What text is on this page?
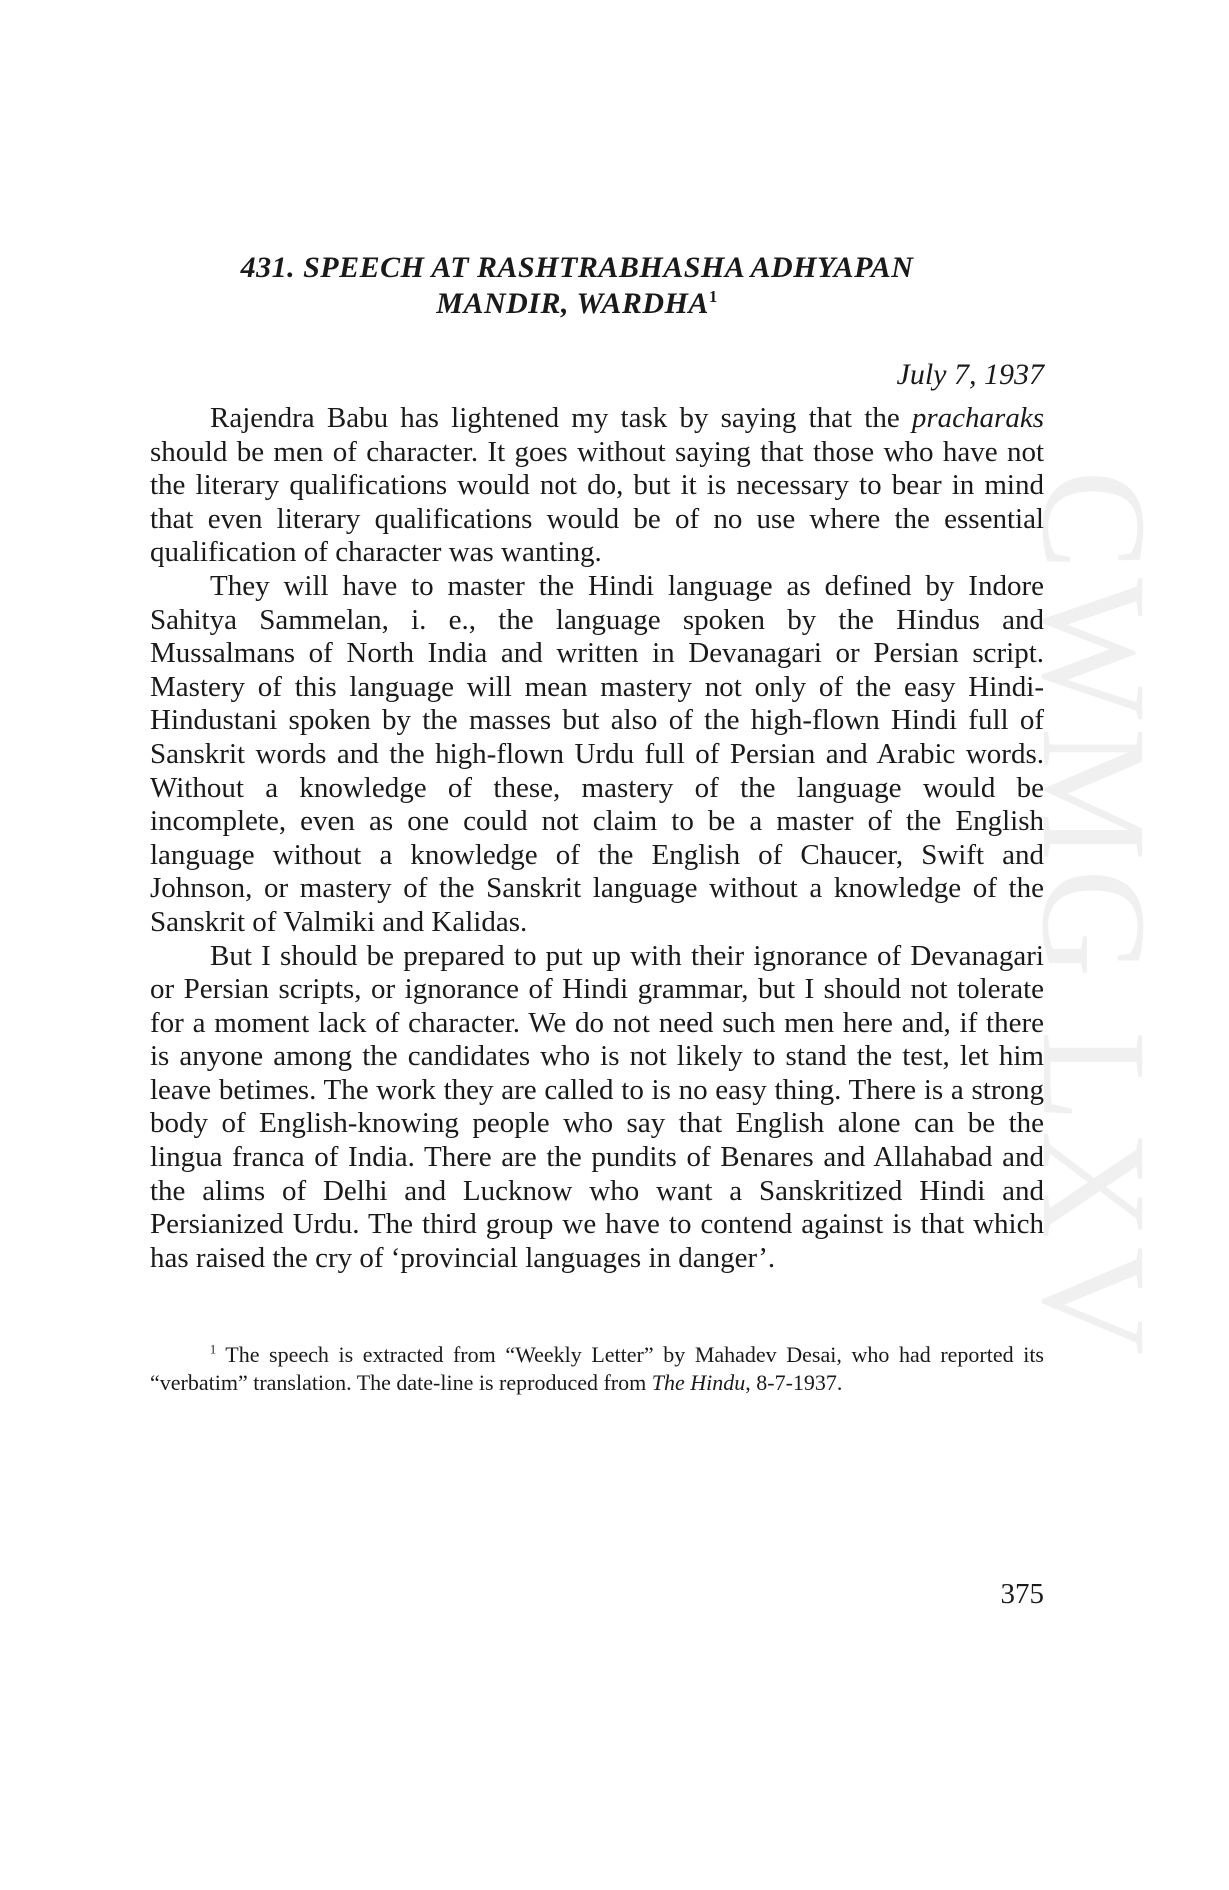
CWMG LXV
431. SPEECH AT RASHTRABHASHA ADHYAPAN
MANDIR, WARDHA$^1$
July 7, 1937

Rajendra Babu has lightened my task by saying that the pracharaks should be men of character. It goes without saying that those who have not the literary qualifications would not do, but it is necessary to bear in mind that even literary qualifications would be of no use where the essential qualification of character was wanting.

They will have to master the Hindi language as defined by Indore Sahitya Sammelan, i. e., the language spoken by the Hindus and Mussalmans of North India and written in Devanagari or Persian script. Mastery of this language will mean mastery not only of the easy Hindi-Hindustani spoken by the masses but also of the high-flown Hindi full of Sanskrit words and the high-flown Urdu full of Persian and Arabic words. Without a knowledge of these, mastery of the language would be incomplete, even as one could not claim to be a master of the English language without a knowledge of the English of Chaucer, Swift and Johnson, or mastery of the Sanskrit language without a knowledge of the Sanskrit of Valmiki and Kalidas.

But I should be prepared to put up with their ignorance of Devanagari or Persian scripts, or ignorance of Hindi grammar, but I should not tolerate for a moment lack of character. We do not need such men here and, if there is anyone among the candidates who is not likely to stand the test, let him leave betimes. The work they are called to is no easy thing. There is a strong body of English-knowing people who say that English alone can be the lingua franca of India. There are the pundits of Benares and Allahabad and the alims of Delhi and Lucknow who want a Sanskritized Hindi and Persianized Urdu. The third group we have to contend against is that which has raised the cry of ‘provincial languages in danger’.

$^1$ The speech is extracted from “Weekly Letter” by Mahadev Desai, who had reported its “verbatim” translation. The date-line is reproduced from The Hindu, 8-7-1937.
375
